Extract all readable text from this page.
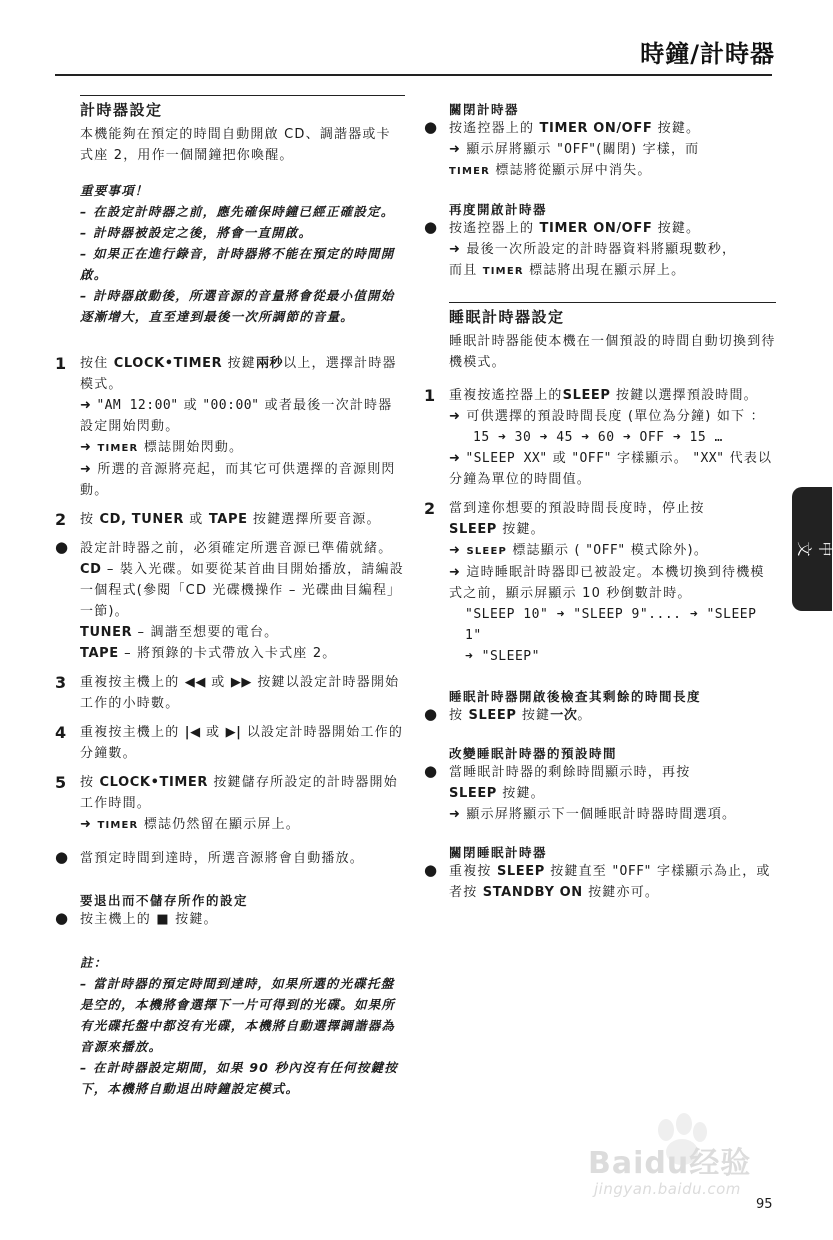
時鐘/計時器
中文
計時器設定
本機能夠在預定的時間自動開啟 CD、調諧器或卡式座 2，用作一個鬧鐘把你喚醒。
重要事項！
– 在設定計時器之前，應先確保時鐘已經正確設定。
– 計時器被設定之後，將會一直開啟。
– 如果正在進行錄音，計時器將不能在預定的時間開啟。
– 計時器啟動後，所選音源的音量將會從最小值開始逐漸增大，直至達到最後一次所調節的音量。
1 按住 CLOCK•TIMER 按鍵兩秒以上，選擇計時器模式。
➜ "AM 12:00" 或 "00:00" 或者最後一次計時器設定開始閃動。
➜ TIMER 標誌開始閃動。
➜ 所選的音源將亮起，而其它可供選擇的音源則閃動。
2 按 CD, TUNER 或 TAPE 按鍵選擇所要音源。
● 設定計時器之前，必須確定所選音源已準備就緒。
CD – 裝入光碟。如要從某首曲目開始播放，請編設一個程式(參閱「CD 光碟機操作 – 光碟曲目編程」一節)。
TUNER – 調諧至想要的電台。
TAPE – 將預錄的卡式帶放入卡式座 2。
3 重複按主機上的 ◀◀ 或 ▶▶ 按鍵以設定計時器開始工作的小時數。
4 重複按主機上的 |◀ 或 ▶| 以設定計時器開始工作的分鐘數。
5 按 CLOCK•TIMER 按鍵儲存所設定的計時器開始工作時間。
➜ TIMER 標誌仍然留在顯示屏上。
● 當預定時間到達時，所選音源將會自動播放。
要退出而不儲存所作的設定
● 按主機上的 ■ 按鍵。
註：
– 當計時器的預定時間到達時，如果所選的光碟托盤是空的，本機將會選擇下一片可得到的光碟。如果所有光碟托盤中都沒有光碟，本機將自動選擇調諧器為音源來播放。
– 在計時器設定期間，如果 90 秒內沒有任何按鍵按下，本機將自動退出時鐘設定模式。
關閉計時器
● 按遙控器上的 TIMER ON/OFF 按鍵。
➜ 顯示屏將顯示 "OFF"(關閉) 字樣，而
TIMER 標誌將從顯示屏中消失。
再度開啟計時器
● 按遙控器上的 TIMER ON/OFF 按鍵。
➜ 最後一次所設定的計時器資料將顯現數秒，
而且 TIMER 標誌將出現在顯示屏上。
睡眠計時器設定
睡眠計時器能使本機在一個預設的時間自動切換到待機模式。
1 重複按遙控器上的SLEEP 按鍵以選擇預設時間。
➜ 可供選擇的預設時間長度 (單位為分鐘) 如下 ：
15 ➜ 30 ➜ 45 ➜ 60 ➜ OFF ➜ 15 …
➜ "SLEEP XX" 或 "OFF" 字樣顯示。 "XX" 代表以分鐘為單位的時間值。
2 當到達你想要的預設時間長度時，停止按
SLEEP 按鍵。
➜ SLEEP 標誌顯示 ( "OFF" 模式除外)。
➜ 這時睡眠計時器即已被設定。本機切換到待機模式之前，顯示屏顯示 10 秒倒數計時。
"SLEEP 10" ➜ "SLEEP 9".... ➜ "SLEEP 1"
➜ "SLEEP"
睡眠計時器開啟後檢查其剩餘的時間長度
● 按 SLEEP 按鍵一次。
改變睡眠計時器的預設時間
● 當睡眠計時器的剩餘時間顯示時，再按
SLEEP 按鍵。
➜ 顯示屏將顯示下一個睡眠計時器時間選項。
關閉睡眠計時器
● 重複按 SLEEP 按鍵直至 "OFF" 字樣顯示為止，或者按 STANDBY ON 按鍵亦可。
Baidu经验
jingyan.baidu.com
95
